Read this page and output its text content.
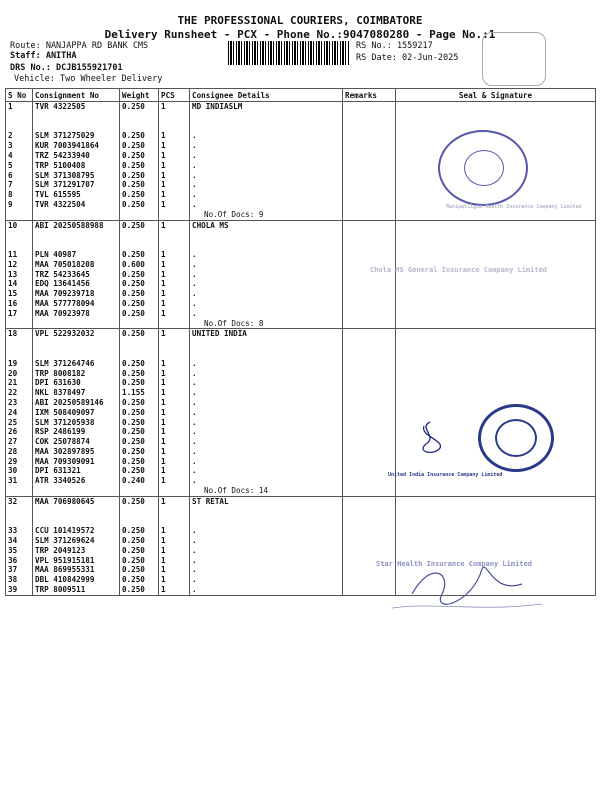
THE PROFESSIONAL COURIERS, COIMBATORE
Delivery Runsheet - PCX - Phone No.:9047080280 - Page No.:1
Route: NANJAPPA RD BANK CMS
Staff: ANITHA
DRS No.: DCJB155921701
Vehicle: Two Wheeler Delivery
RS No.: 1559217
RS Date: 02-Jun-2025
S No	Consignment No	Weight	PCS	Consignee Details	Remarks	Seal & Signature
1	TVR 4322505	0.250	1	MD INDIASLM		

2	SLM 371275029	0.250	1	.		
3	KUR 7003941864	0.250	1	.		
4	TRZ 54233940	0.250	1	.		
5	TRP 5100408	0.250	1	.		
6	SLM 371308795	0.250	1	.		
7	SLM 371291707	0.250	1	.		
8	TVL 615595	0.250	1	.		
9	TVR 4322504	0.250	1	.		
				No.Of Docs: 9		
10	ABI 20250588988	0.250	1	CHOLA MS		

11	PLN 40987	0.250	1	.		
12	MAA 705018208	0.600	1	.		
13	TRZ 54233645	0.250	1	.		
14	EDQ 13641456	0.250	1	.		
15	MAA 709239718	0.250	1	.		
16	MAA 577778094	0.250	1	.		
17	MAA 70923978	0.250	1	.		
				No.Of Docs: 8		
18	VPL 522932032	0.250	1	UNITED INDIA		

19	SLM 371264746	0.250	1	.		
20	TRP 8008182	0.250	1	.		
21	DPI 631630	0.250	1	.		
22	NKL 8378497	1.155	1	.		
23	ABI 20250589146	0.250	1	.		
24	IXM 508409097	0.250	1	.		
25	SLM 371205938	0.250	1	.		
26	RSP 2486199	0.250	1	.		
27	COK 25078874	0.250	1	.		
28	MAA 302897895	0.250	1	.		
29	MAA 709309091	0.250	1	.		
30	DPI 631321	0.250	1	.		
31	ATR 3340526	0.240	1	.		
				No.Of Docs: 14		
32	MAA 706980645	0.250	1	ST RETAL		

33	CCU 101419572	0.250	1	.		
34	SLM 371269624	0.250	1	.		
35	TRP 2049123	0.250	1	.		
36	VPL 951915181	0.250	1	.		
37	MAA 869955331	0.250	1	.		
38	DBL 410842999	0.250	1	.		
39	TRP 8009511	0.250	1	.		
ManipalCigna Health Insurance Company Limited
United India Insurance Company Limited
Chola MS General Insurance Company Limited
Star Health Insurance Company Limited
